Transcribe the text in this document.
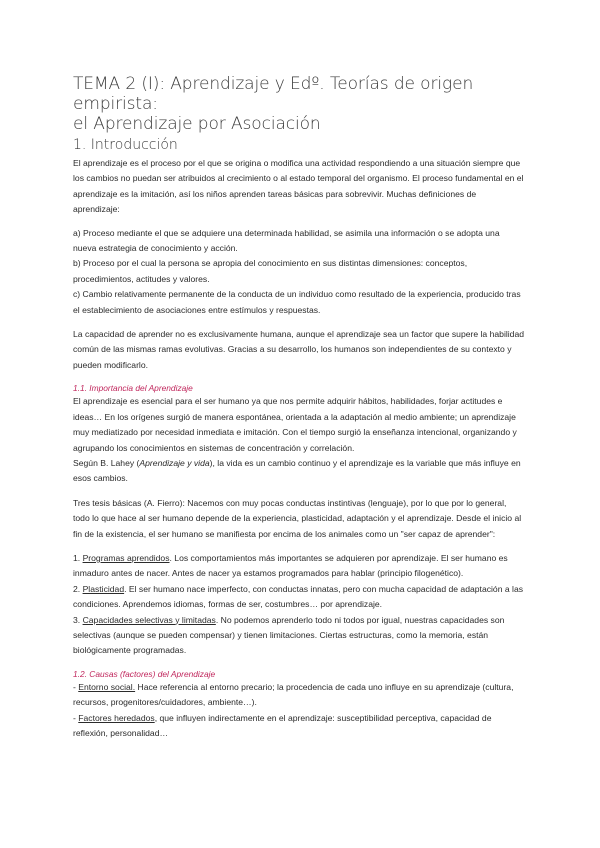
TEMA 2 (I): Aprendizaje y Edº. Teorías de origen empirista:
el Aprendizaje por Asociación
1. Introducción

El aprendizaje es el proceso por el que se origina o modifica una actividad respondiendo a una situación siempre que los cambios no puedan ser atribuidos al crecimiento o al estado temporal del organismo. El proceso fundamental en el aprendizaje es la imitación, así los niños aprenden tareas básicas para sobrevivir. Muchas definiciones de aprendizaje:

a) Proceso mediante el que se adquiere una determinada habilidad, se asimila una información o se adopta una nueva estrategia de conocimiento y acción.

b) Proceso por el cual la persona se apropia del conocimiento en sus distintas dimensiones: conceptos, procedimientos, actitudes y valores.

c) Cambio relativamente permanente de la conducta de un individuo como resultado de la experiencia, producido tras el establecimiento de asociaciones entre estímulos y respuestas.

La capacidad de aprender no es exclusivamente humana, aunque el aprendizaje sea un factor que supere la habilidad común de las mismas ramas evolutivas. Gracias a su desarrollo, los humanos son independientes de su contexto y pueden modificarlo.

1.1. Importancia del Aprendizaje

El aprendizaje es esencial para el ser humano ya que nos permite adquirir hábitos, habilidades, forjar actitudes e ideas… En los orígenes surgió de manera espontánea, orientada a la adaptación al medio ambiente; un aprendizaje muy mediatizado por necesidad inmediata e imitación. Con el tiempo surgió la enseñanza intencional, organizando y agrupando los conocimientos en sistemas de concentración y correlación.

Según B. Lahey (Aprendizaje y vida), la vida es un cambio continuo y el aprendizaje es la variable que más influye en esos cambios.

Tres tesis básicas (A. Fierro): Nacemos con muy pocas conductas instintivas (lenguaje), por lo que por lo general, todo lo que hace al ser humano depende de la experiencia, plasticidad, adaptación y el aprendizaje. Desde el inicio al fin de la existencia, el ser humano se manifiesta por encima de los animales como un "ser capaz de aprender":

1. Programas aprendidos. Los comportamientos más importantes se adquieren por aprendizaje. El ser humano es inmaduro antes de nacer. Antes de nacer ya estamos programados para hablar (principio filogenético).

2. Plasticidad. El ser humano nace imperfecto, con conductas innatas, pero con mucha capacidad de adaptación a las condiciones. Aprendemos idiomas, formas de ser, costumbres… por aprendizaje.

3. Capacidades selectivas y limitadas. No podemos aprenderlo todo ni todos por igual, nuestras capacidades son selectivas (aunque se pueden compensar) y tienen limitaciones. Ciertas estructuras, como la memoria, están biológicamente programadas.

1.2. Causas (factores) del Aprendizaje

- Entorno social. Hace referencia al entorno precario; la procedencia de cada uno influye en su aprendizaje (cultura, recursos, progenitores/cuidadores, ambiente…).

- Factores heredados, que influyen indirectamente en el aprendizaje: susceptibilidad perceptiva, capacidad de reflexión, personalidad…
